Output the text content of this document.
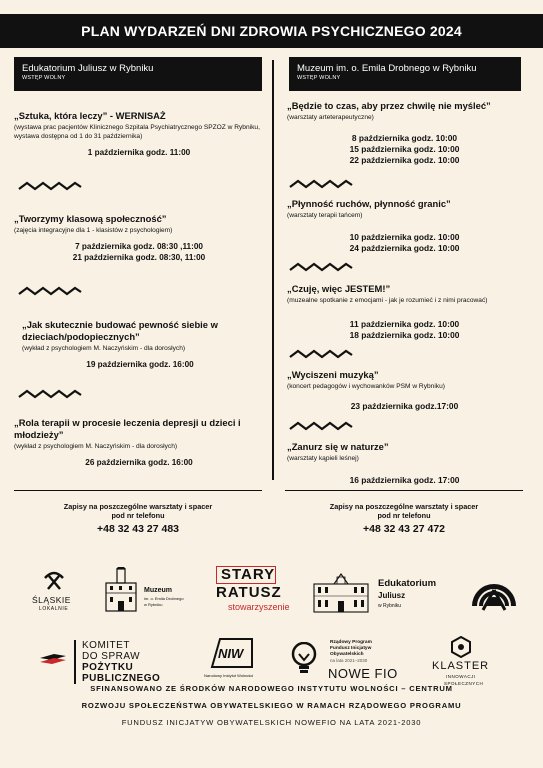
PLAN WYDARZEŃ DNI ZDROWIA PSYCHICZNEGO 2024
Edukatorium Juliusz w Rybniku
WSTĘP WOLNY
Muzeum im. o. Emila Drobnego w Rybniku
WSTĘP WOLNY
„Sztuka, która leczy” - WERNISAŻ
(wystawa prac pacjentów Klinicznego Szpitala Psychiatrycznego SPZOZ w Rybniku, wystawa dostępna od 1 do 31 października)
1 października godz. 11:00
„Tworzymy klasową społeczność”
(zajęcia integracyjne dla 1 - klasistów z psychologiem)
7 października godz. 08:30 ,11:00
21 października godz. 08:30, 11:00
„Jak skutecznie budować pewność siebie w dzieciach/podopiecznych”
(wykład z psychologiem M. Naczyńskim - dla dorosłych)
19 października godz. 16:00
„Rola terapii w procesie leczenia depresji u dzieci i młodzieży”
(wykład z psychologiem M. Naczyńskim - dla dorosłych)
26 października godz. 16:00
„Będzie to czas, aby przez chwilę nie myśleć”
(warsztaty arteterapeutyczne)
8 października godz. 10:00
15 października godz. 10:00
22 października godz. 10:00
„Płynność ruchów, płynność granic”
(warsztaty terapii tańcem)
10 października godz. 10:00
24 października godz. 10:00
„Czuję, więc JESTEM!”
(muzealne spotkanie z emocjami - jak je rozumieć i z nimi pracować)
11 października godz. 10:00
18 października godz. 10:00
„Wyciszeni muzyką”
(koncert pedagogów i wychowanków PSM w Rybniku)
23 października godz.17:00
„Zanurz się w naturze”
(warsztaty kąpieli leśnej)
16 października godz. 17:00
Zapisy na poszczególne warsztaty i spacer
pod nr telefonu
+48 32 43 27 483
Zapisy na poszczególne warsztaty i spacer
pod nr telefonu
+48 32 43 27 472
ŚLĄSKIE
LOKALNIE
Muzeum
im. o. Emila Drobnego
w Rybniku
STARY
RATUSZ
stowarzyszenie
Edukatorium
Juliusz
w Rybniku
KOMITET
DO SPRAW
POŻYTKU
PUBLICZNEGO
NIW
Narodowy Instytut Wolności
Rządowy Program
Fundusz Inicjatyw
Obywatelskich
na lata 2021–2030
NOWE FIO	KLASTER
INNOWACJI
SPOŁECZNYCH
SFINANSOWANO ZE ŚRODKÓW NARODOWEGO INSTYTUTU WOLNOŚCI – CENTRUM
ROZWOJU SPOŁECZEŃSTWA OBYWATELSKIEGO W RAMACH RZĄDOWEGO PROGRAMU
FUNDUSZ INICJATYW OBYWATELSKICH NOWEFIO NA LATA 2021-2030
